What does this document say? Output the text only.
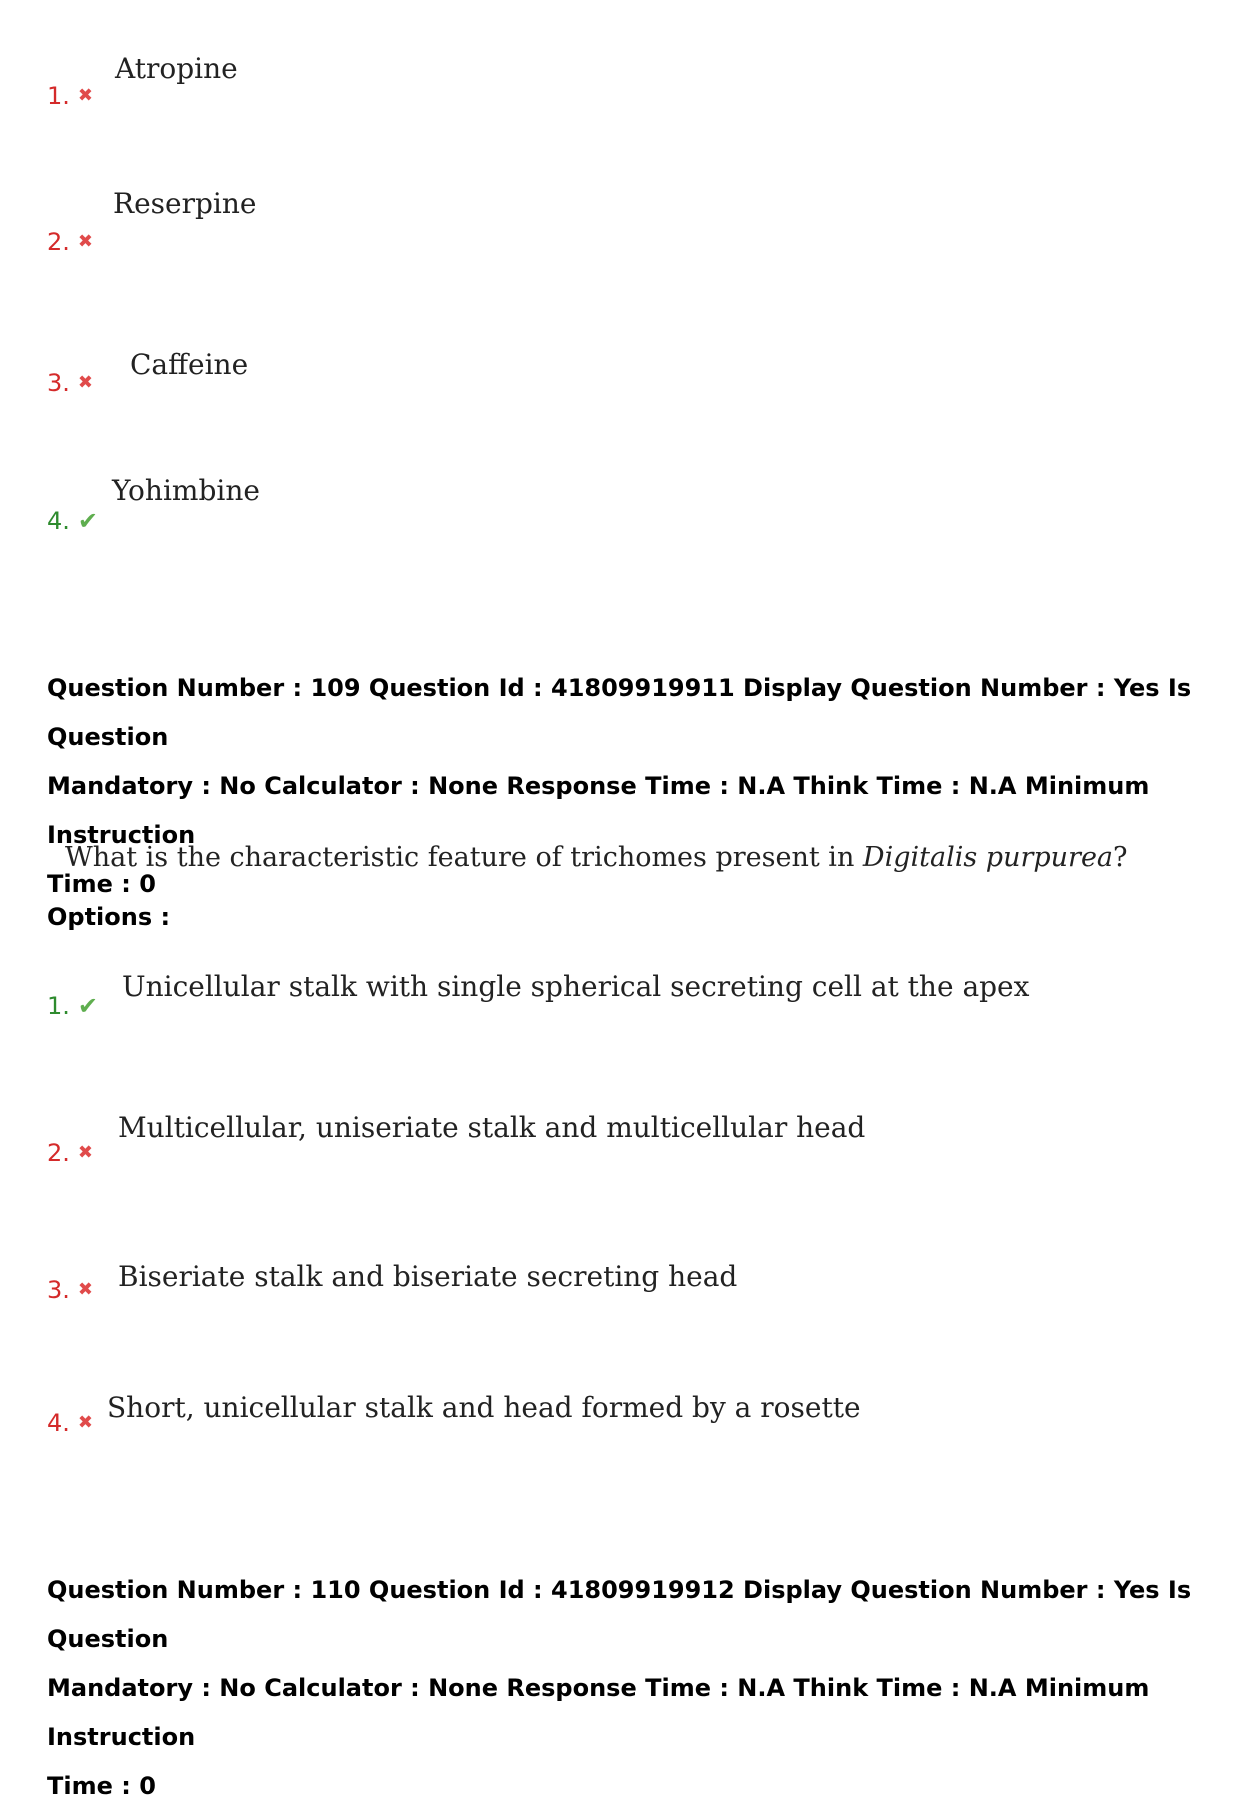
1. ✖
Atropine
2. ✖
Reserpine
3. ✖
Caffeine
4. ✔
Yohimbine
Question Number : 109 Question Id : 41809919911 Display Question Number : Yes Is Question
Mandatory : No Calculator : None Response Time : N.A Think Time : N.A Minimum Instruction
Time : 0
What is the characteristic feature of trichomes present in Digitalis purpurea?
Options :
1. ✔
Unicellular stalk with single spherical secreting cell at the apex
2. ✖
Multicellular, uniseriate stalk and multicellular head
3. ✖ Biseriate stalk and biseriate secreting head
4. ✖ Short, unicellular stalk and head formed by a rosette
Question Number : 110 Question Id : 41809919912 Display Question Number : Yes Is Question
Mandatory : No Calculator : None Response Time : N.A Think Time : N.A Minimum Instruction
Time : 0
